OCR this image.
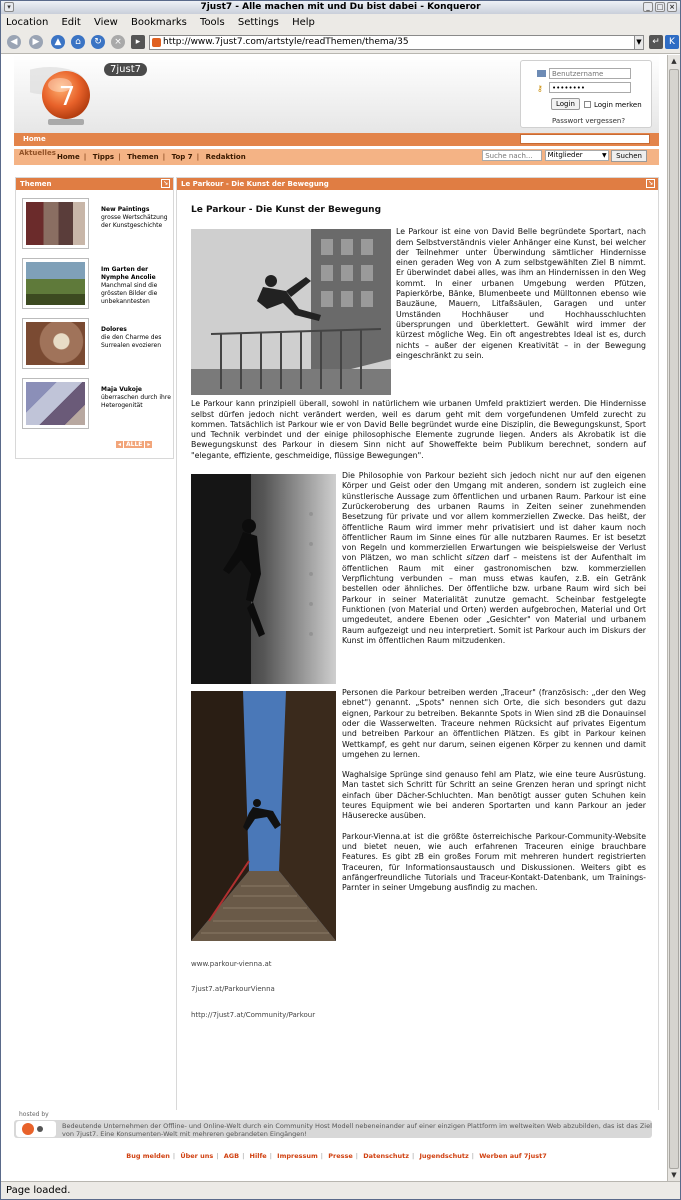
▾	7just7 - Alle machen mit und Du bist dabei - Konqueror	_ □ ×
Location Edit View Bookmarks Tools Settings Help
◀	▶	▲	⌂	↻	×	▸	http://www.7just7.com/artstyle/readThemen/thema/35	▼	↵	K
7
7just7
Benutzername
⚷
••••••••
Login	Login merken
Passwort vergessen?
Home
Aktuelles Home | Tipps | Themen | Top 7 | Redaktion
Suche nach...	Mitglieder	▼ Suchen
Themen	↘
New Paintings
grosse Wertschätzung der Kunstgeschichte
Im Garten der Nymphe Ancolie
Manchmal sind die grössten Bilder die unbekanntesten
Dolores
die den Charme des Surrealen evozieren
Maja Vukoje
überraschen durch ihre Heterogenität
◂ ALLE ▸
Le Parkour - Die Kunst der Bewegung	↘
Le Parkour - Die Kunst der Bewegung

Le Parkour ist eine von David Belle begründete Sportart, nach dem Selbstverständnis vieler Anhänger eine Kunst, bei welcher der Teilnehmer unter Überwindung sämtlicher Hindernisse einen geraden Weg von A zum selbstgewählten Ziel B nimmt. Er überwindet dabei alles, was ihm an Hindernissen in den Weg kommt. In einer urbanen Umgebung werden Pfützen, Papierkörbe, Bänke, Blumenbeete und Mülltonnen ebenso wie Bauzäune, Mauern, Litfaßsäulen, Garagen und unter Umständen Hochhäuser und Hochhausschluchten übersprungen und überklettert. Gewählt wird immer der kürzest mögliche Weg. Ein oft angestrebtes Ideal ist es, durch nichts – außer der eigenen Kreativität – in der Bewegung eingeschränkt zu sein.

Le Parkour kann prinzipiell überall, sowohl in natürlichem wie urbanen Umfeld praktiziert werden. Die Hindernisse selbst dürfen jedoch nicht verändert werden, weil es darum geht mit dem vorgefundenen Umfeld zurecht zu kommen. Tatsächlich ist Parkour wie er von David Belle begründet wurde eine Disziplin, die Bewegungskunst, Sport und Technik verbindet und der einige philosophische Elemente zugrunde liegen. Anders als Akrobatik ist die Bewegungskunst des Parkour in diesem Sinn nicht auf Showeffekte beim Publikum berechnet, sondern auf "elegante, effiziente, geschmeidige, flüssige Bewegungen".

Die Philosophie von Parkour bezieht sich jedoch nicht nur auf den eigenen Körper und Geist oder den Umgang mit anderen, sondern ist zugleich eine künstlerische Aussage zum öffentlichen und urbanen Raum. Parkour ist eine Zurückeroberung des urbanen Raums in Zeiten seiner zunehmenden Besetzung für private und vor allem kommerziellen Zwecke. Das heißt, der öffentliche Raum wird immer mehr privatisiert und ist daher kaum noch öffentlicher Raum im Sinne eines für alle nutzbaren Raumes. Er ist besetzt von Regeln und kommerziellen Erwartungen wie beispielsweise der Verlust von Plätzen, wo man schlicht sitzen darf – meistens ist der Aufenthalt im öffentlichen Raum mit einer gastronomischen bzw. kommerziellen Verpflichtung verbunden – man muss etwas kaufen, z.B. ein Getränk bestellen oder ähnliches. Der öffentliche bzw. urbane Raum wird sich bei Parkour in seiner Materialität zunutze gemacht. Scheinbar festgelegte Funktionen (von Material und Orten) werden aufgebrochen, Material und Ort umgedeutet, andere Ebenen oder „Gesichter" von Material und urbanem Raum aufgezeigt und neu interpretiert. Somit ist Parkour auch im Diskurs der Kunst im öffentlichen Raum mitzudenken.

Personen die Parkour betreiben werden „Traceur" (französisch: „der den Weg ebnet") genannt. „Spots" nennen sich Orte, die sich besonders gut dazu eignen, Parkour zu betreiben. Bekannte Spots in Wien sind zB die Donauinsel oder die Wasserwelten. Traceure nehmen Rücksicht auf privates Eigentum und betreiben Parkour an öffentlichen Plätzen. Es gibt in Parkour keinen Wettkampf, es geht nur darum, seinen eigenen Körper zu kennen und damit umgehen zu lernen.

Waghalsige Sprünge sind genauso fehl am Platz, wie eine teure Ausrüstung. Man tastet sich Schritt für Schritt an seine Grenzen heran und springt nicht einfach über Dächer-Schluchten. Man benötigt ausser guten Schuhen kein teures Equipment wie bei anderen Sportarten und kann Parkour an jeder Häuserecke ausüben.

Parkour-Vienna.at ist die größte österreichische Parkour-Community-Website und bietet neuen, wie auch erfahrenen Traceuren einige brauchbare Features. Es gibt zB ein großes Forum mit mehreren hundert registrierten Traceuren, für Informationsaustausch und Diskussionen. Weiters gibt es anfängerfreundliche Tutorials und Traceur-Kontakt-Datenbank, um Trainings-Parnter in seiner Umgebung ausfindig zu machen.

www.parkour-vienna.at
7just7.at/ParkourVienna
http://7just7.at/Community/Parkour
hosted by
Bedeutende Unternehmen der Offline- und Online-Welt durch ein Community Host Modell nebeneinander auf einer einzigen Plattform im weltweiten Web abzubilden, das ist das Ziel von 7just7. Eine Konsumenten-Welt mit mehreren gebrandeten Eingängen!
Bug melden | Über uns | AGB | Hilfe | Impressum | Presse | Datenschutz | Jugendschutz | Werben auf 7just7
▲
▼
Page loaded.
